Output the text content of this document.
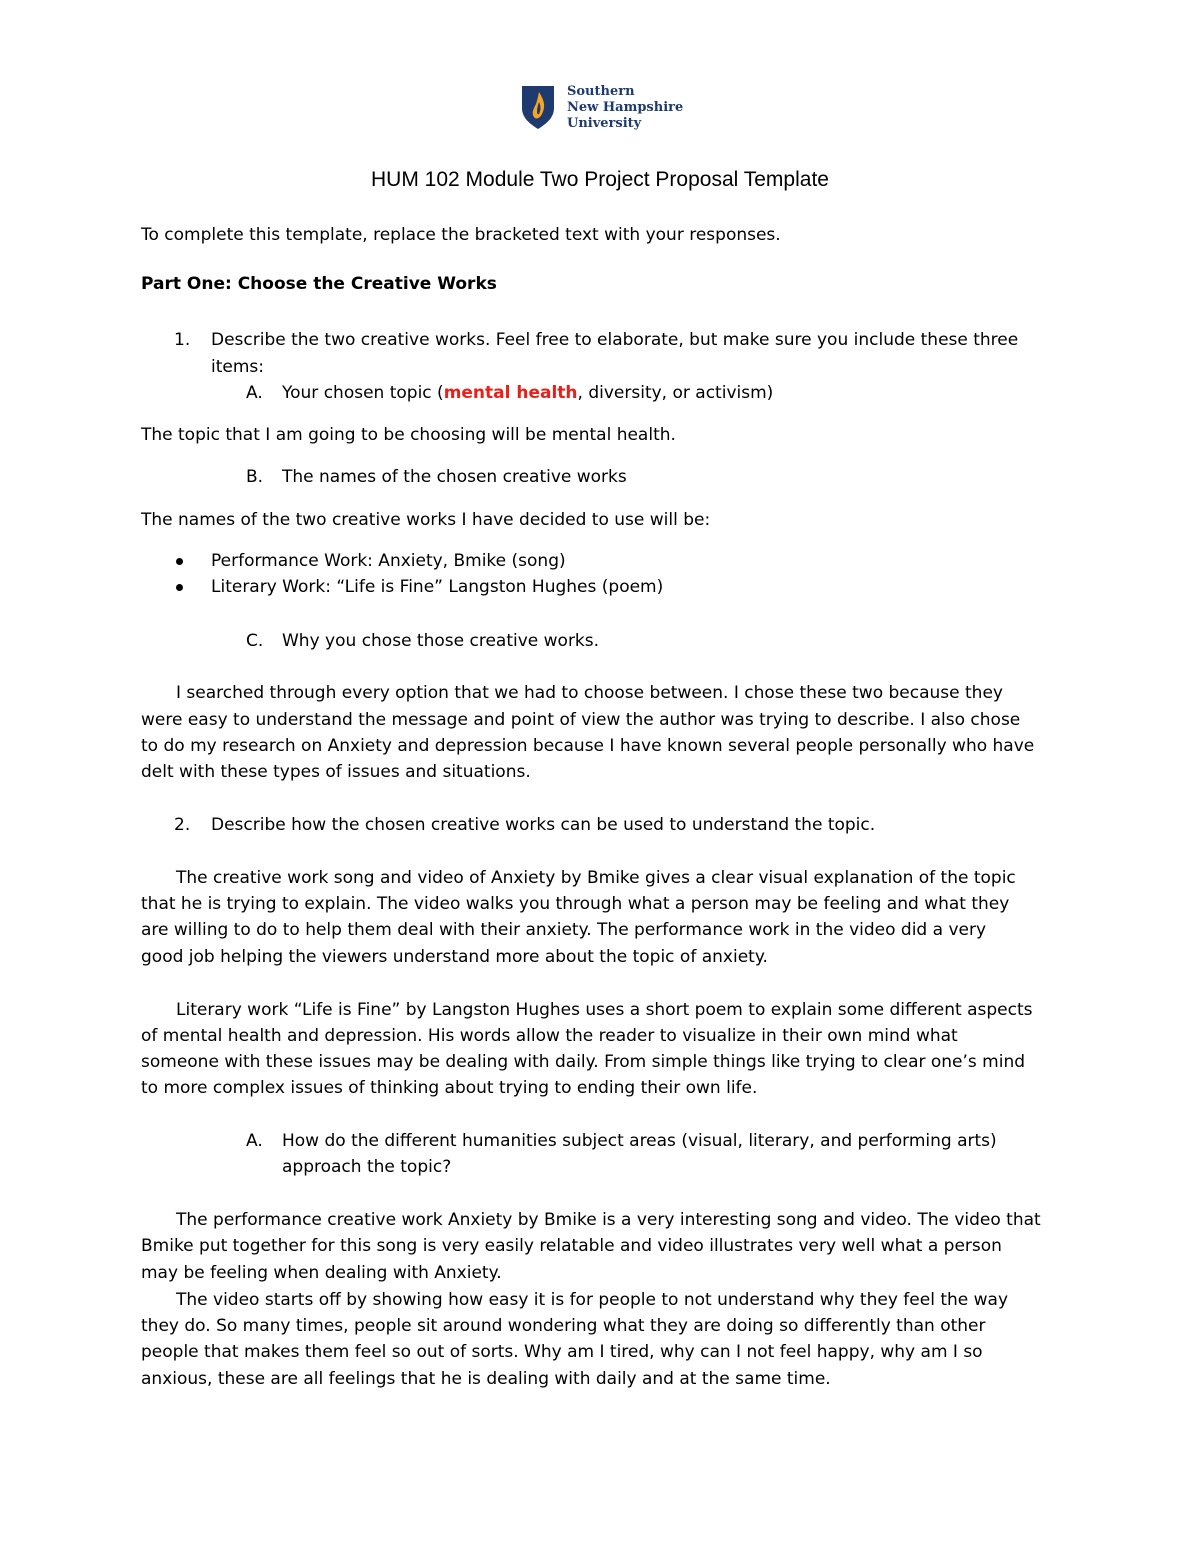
Southern
New Hampshire
University
HUM 102 Module Two Project Proposal Template
To complete this template, replace the bracketed text with your responses.
Part One: Choose the Creative Works
1. Describe the two creative works. Feel free to elaborate, but make sure you include these three
items:
A. Your chosen topic (mental health, diversity, or activism)
The topic that I am going to be choosing will be mental health.
B. The names of the chosen creative works
The names of the two creative works I have decided to use will be:
Performance Work: Anxiety, Bmike (song)
Literary Work: “Life is Fine” Langston Hughes (poem)
C. Why you chose those creative works.
I searched through every option that we had to choose between. I chose these two because they
were easy to understand the message and point of view the author was trying to describe. I also chose
to do my research on Anxiety and depression because I have known several people personally who have
delt with these types of issues and situations.
2. Describe how the chosen creative works can be used to understand the topic.
The creative work song and video of Anxiety by Bmike gives a clear visual explanation of the topic
that he is trying to explain. The video walks you through what a person may be feeling and what they
are willing to do to help them deal with their anxiety. The performance work in the video did a very
good job helping the viewers understand more about the topic of anxiety.
Literary work “Life is Fine” by Langston Hughes uses a short poem to explain some different aspects
of mental health and depression. His words allow the reader to visualize in their own mind what
someone with these issues may be dealing with daily. From simple things like trying to clear one’s mind
to more complex issues of thinking about trying to ending their own life.
A. How do the different humanities subject areas (visual, literary, and performing arts)
approach the topic?
The performance creative work Anxiety by Bmike is a very interesting song and video. The video that
Bmike put together for this song is very easily relatable and video illustrates very well what a person
may be feeling when dealing with Anxiety.
The video starts off by showing how easy it is for people to not understand why they feel the way
they do. So many times, people sit around wondering what they are doing so differently than other
people that makes them feel so out of sorts. Why am I tired, why can I not feel happy, why am I so
anxious, these are all feelings that he is dealing with daily and at the same time.
